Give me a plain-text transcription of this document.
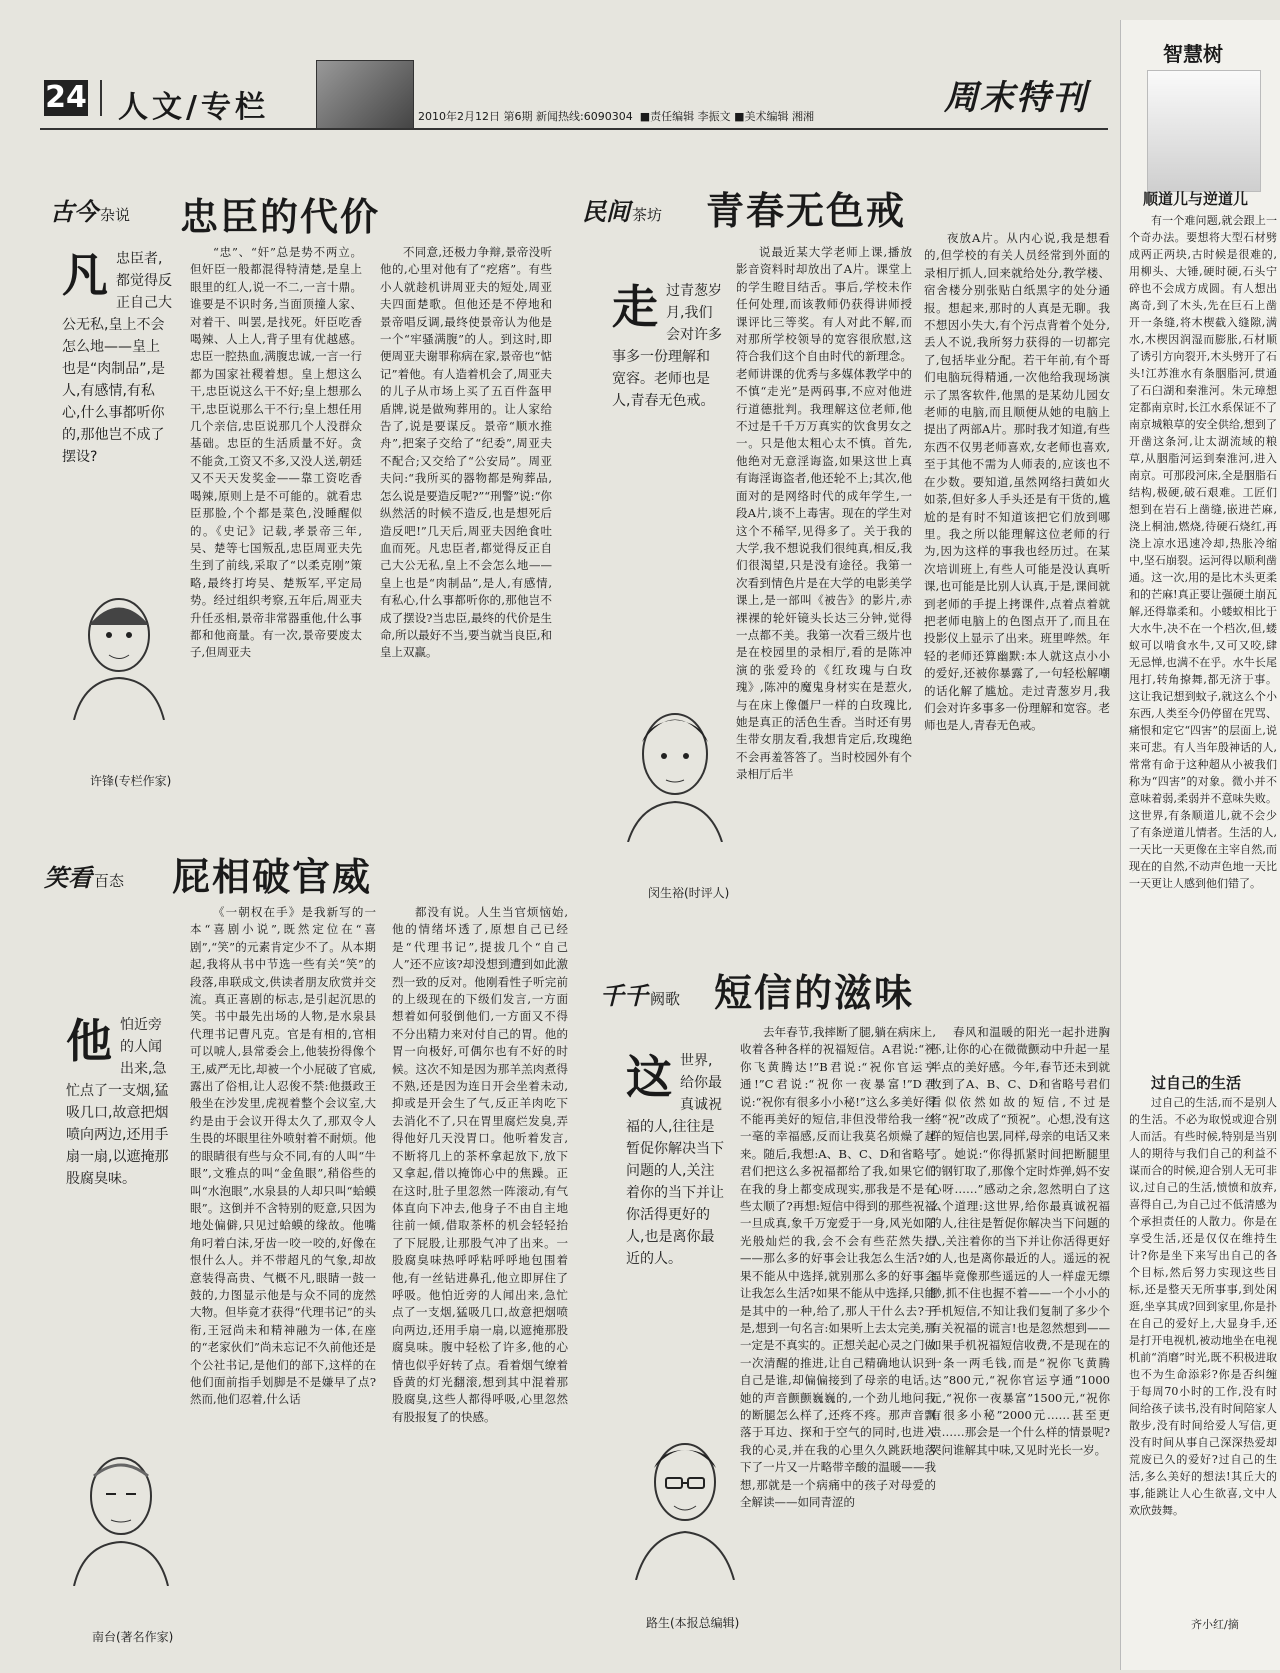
24 人文/专栏	2010年2月12日 第6期 新闻热线:6090304  ■责任编辑 李振文 ■美术编辑 湘湘	周末特刊
古今 杂说 忠臣的代价
凡忠臣者,都觉得反正自己大公无私,皇上不会怎么地——皇上也是“肉制品”,是人,有感情,有私心,什么事都听你的,那他岂不成了摆设?
许锋(专栏作家)

“忠”、“奸”总是势不两立。但奸臣一般都混得特清楚,是皇上眼里的红人,说一不二,一言十鼎。谁要是不识时务,当面顶撞人家、对着干、叫罢,是找死。奸臣吃香喝辣、人上人,背子里有优越感。忠臣一腔热血,满腹忠诚,一言一行都为国家社稷着想。皇上想这么干,忠臣说这么干不好;皇上想那么干,忠臣说那么干不行;皇上想任用几个亲信,忠臣说那几个人没群众基础。忠臣的生活质量不好。贪不能贪,工资又不多,又没人送,朝廷又不天天发奖金——靠工资吃香喝辣,原则上是不可能的。就看忠臣那脸,个个都是菜色,没睡醒似的。《史记》记载,孝景帝三年,吴、楚等七国叛乱,忠臣周亚夫先生到了前线,采取了“以柔克刚”策略,最终打垮吴、楚叛军,平定局势。经过组织考察,五年后,周亚夫升任丞相,景帝非常器重他,什么事都和他商量。有一次,景帝要废太子,但周亚夫

不同意,还极力争辩,景帝没听他的,心里对他有了“疙瘩”。有些小人就趁机讲周亚夫的短处,周亚夫四面楚歌。但他还是不停地和景帝唱反调,最终使景帝认为他是一个“牢骚满腹”的人。到这时,即便周亚夫谢罪称病在家,景帝也“惦记”着他。有人造着机会了,周亚夫的儿子从市场上买了五百件盔甲盾牌,说是做殉葬用的。让人家给告了,说是要谋反。景帝“顺水推舟”,把案子交给了“纪委”,周亚夫不配合;又交给了“公安局”。周亚夫问:“我所买的器物都是殉葬品,怎么说是要造反呢?”“刑警”说:“你纵然活的时候不造反,也是想死后造反吧!”几天后,周亚夫因绝食吐血而死。凡忠臣者,都觉得反正自己大公无私,皇上不会怎么地——皇上也是“肉制品”,是人,有感情,有私心,什么事都听你的,那他岂不成了摆设?当忠臣,最终的代价是生命,所以最好不当,要当就当良臣,和皇上双赢。

笑看 百态 屁相破官威
他怕近旁的人闻出来,急忙点了一支烟,猛吸几口,故意把烟喷向两边,还用手扇一扇,以遮掩那股腐臭味。
南台(著名作家)

《一朝权在手》是我新写的一本“喜剧小说”,既然定位在“喜剧”,“笑”的元素肯定少不了。从本期起,我将从书中节选一些有关“笑”的段落,串联成文,供读者朋友欣赏并交流。真正喜剧的标志,是引起沉思的笑。书中最先出场的人物,是水泉县代理书记曹凡克。官是有相的,官相可以唬人,县常委会上,他装扮得像个王,威严无比,却被一个小屁破了官威,露出了俗相,让人忍俊不禁:他摄政王般坐在沙发里,虎视着整个会议室,大约是由于会议开得太久了,那双令人生畏的坏眼里往外喷射着不耐烦。他的眼睛很有些与众不同,有的人叫“牛眼”,文雅点的叫“金鱼眼”,稍俗些的叫“水泡眼”,水泉县的人却只叫“蛤蟆眼”。这倒并不含特别的贬意,只因为地处偏僻,只见过蛤蟆的缘故。他嘴角叼着白沫,牙齿一咬一咬的,好像在恨什么人。并不带超凡的气象,却故意装得高贵、气概不凡,眼睛一鼓一鼓的,力图显示他是与众不同的庞然大物。但毕竟才获得“代理书记”的头衔,王冠尚未和精神融为一体,在座的“老家伙们”尚未忘记不久前他还是个公社书记,是他们的部下,这样的在他们面前指手划脚是不是嫌早了点?然而,他们忍着,什么话

都没有说。人生当官烦恼始,他的情绪坏透了,原想自己已经是“代理书记”,提拔几个“自己人”还不应该?却没想到遭到如此激烈一致的反对。他刚看性子听完前的上级现在的下级们发言,一方面想着如何驳倒他们,一方面又不得不分出精力来对付自己的胃。他的胃一向极好,可偶尔也有不好的时候。这次不知是因为那羊羔肉煮得不熟,还是因为连日开会坐着未动,抑或是开会生了气,反正羊肉吃下去消化不了,只在胃里腐烂发臭,弄得他好几天没胃口。他听着发言,不断将几上的茶杯拿起放下,放下又拿起,借以掩饰心中的焦躁。正在这时,肚子里忽然一阵滚动,有气体直向下冲去,他身子不由自主地往前一倾,借取茶杯的机会轻轻抬了下屁股,让那股气冲了出来。一股腐臭味热呼呼粘呼呼地包围着他,有一丝钻进鼻孔,他立即屏住了呼吸。他怕近旁的人闻出来,急忙点了一支烟,猛吸几口,故意把烟喷向两边,还用手扇一扇,以遮掩那股腐臭味。腹中轻松了许多,他的心情也似乎好转了点。看着烟气缭着昏黄的灯光翻滚,想到其中混着那股腐臭,这些人都得呼吸,心里忽然有股报复了的快感。

民间 茶坊 青春无色戒
走过青葱岁月,我们会对许多事多一份理解和宽容。老师也是人,青春无色戒。
闵生裕(时评人)

说最近某大学老师上课,播放影音资料时却放出了A片。课堂上的学生瞪目结舌。事后,学校未作任何处理,而该教师仍获得讲师授课评比三等奖。有人对此不解,而对那所学校领导的宽容很欣慰,这符合我们这个自由时代的新理念。老师讲课的优秀与多媒体教学中的不慎“走光”是两码事,不应对他进行道德批判。我理解这位老师,他不过是千千万万真实的饮食男女之一。只是他太粗心太不慎。首先,他绝对无意淫诲盗,如果这世上真有诲淫诲盗者,他还轮不上;其次,他面对的是网络时代的成年学生,一段A片,谈不上毒害。现在的学生对这个不稀罕,见得多了。关于我的大学,我不想说我们很纯真,相反,我们很渴望,只是没有途径。我第一次看到情色片是在大学的电影美学课上,是一部叫《被告》的影片,赤裸裸的轮奸镜头长达三分钟,觉得一点都不美。我第一次看三级片也是在校园里的录相厅,看的是陈冲演的张爱玲的《红玫瑰与白玫瑰》,陈冲的魔鬼身材实在是惹火,与在床上像僵尸一样的白玫瑰比,她是真正的活色生香。当时还有男生带女朋友看,我想肯定后,玫瑰绝不会再羞答答了。当时校园外有个录相厅后半

夜放A片。从内心说,我是想看的,但学校的有关人员经常到外面的录相厅抓人,回来就给处分,教学楼、宿舍楼分别张贴白纸黑字的处分通报。想起来,那时的人真是无聊。我不想因小失大,有个污点背着个处分,丢人不说,我所努力获得的一切都完了,包括毕业分配。若干年前,有个哥们电脑玩得精通,一次他给我现场演示了黑客软件,他黑的是某幼儿园女老师的电脑,而且顺便从她的电脑上提出了两部A片。那时我才知道,有些东西不仅男老师喜欢,女老师也喜欢,至于其他不需为人师表的,应该也不在少数。要知道,虽然网络扫黄如火如荼,但好多人手头还是有干货的,尴尬的是有时不知道该把它们放到哪里。我之所以能理解这位老师的行为,因为这样的事我也经历过。在某次培训班上,有些人可能是没认真听课,也可能是比别人认真,于是,课间就到老师的手提上拷课件,点着点着就把老师电脑上的色图点开了,而且在投影仪上显示了出来。班里哗然。年轻的老师还算幽默:本人就这点小小的爱好,还被你暴露了,一句轻松解嘲的话化解了尴尬。走过青葱岁月,我们会对许多事多一份理解和宽容。老师也是人,青春无色戒。

千千 阙歌 短信的滋味
这世界,给你最真诚祝福的人,往往是暂促你解决当下问题的人,关注着你的当下并让你活得更好的人,也是离你最近的人。
路生(本报总编辑)

去年春节,我摔断了腿,躺在病床上,收着各种各样的祝福短信。A君说:“祝你飞黄腾达!”B君说:“祝你官运亨通!”C君说:“祝你一夜暴富!”D君说:“祝你有很多小小秘!”这么多美好得不能再美好的短信,非但没带给我一丝一毫的幸福感,反而让我莫名烦燥了起来。随后,我想:A、B、C、D和省略号君们把这么多祝福都给了我,如果它们在我的身上都变成现实,那我是不是有些太顺了?再想:短信中得到的那些祝福一旦成真,象千万宠爱于一身,风光如阳光般灿烂的我,会不会有些茫然失措——那么多的好事会让我怎么生活?如果不能从中选择,就别那么多的好事会让我怎么生活?如果不能从中选择,只能是其中的一种,给了,那人干什么去?于是,想到一句名言:如果听上去太完美,那一定是不真实的。正想关起心灵之门做一次清醒的推进,让自己精确地认识到自己是谁,却偏偏接到了母亲的电话。她的声音颤颤巍巍的,一个劲儿地问我的断腿怎么样了,还疼不疼。那声音飘落于耳边、探和于空气的同时,也进入我的心灵,并在我的心里久久跳跃地落下了一片又一片略带辛酸的温暖——我想,那就是一个病痛中的孩子对母爱的全解读——如同青涩的

春风和温暖的阳光一起扑进胸怀,让你的心在微微颤动中升起一星半点的美好感。今年,春节还未到就收到了A、B、C、D和省略号君们看似依然如故的短信,不过是将“祝”改成了“预祝”。心想,没有这样的短信也罢,同样,母亲的电话又来了。她说:“你得抓紧时间把断腿里的钢钉取了,那像个定时炸弹,妈不安心呀……”感动之余,忽然明白了这么个道理:这世界,给你最真诚祝福的人,往往是暂促你解决当下问题的人,关注着你的当下并让你活得更好的人,也是离你最近的人。遥远的祝福毕竟像那些遥远的人一样虚无缥缈,抓不住也握不着——一个小小的手机短信,不知让我们复制了多少个有关祝福的谎言!也是忽然想到——如果手机祝福短信收费,不是现在的一条一两毛钱,而是“祝你飞黄腾达”800元,“祝你官运亨通”1000元,“祝你一夜暴富”1500元,“祝你有很多小秘”2000元……甚至更贵……那会是一个什么样的情景呢?哭问谁解其中味,又见时光长一岁。

智慧树
顺道儿与逆道儿

有一个难问题,就会跟上一个奇办法。要想将大型石材劈成两正两块,古时候是很难的,用柳头、大锤,硬时硬,石头宁碎也不会成方成圆。有人想出离奇,到了木头,先在巨石上凿开一条缝,将木楔截入缝隙,满水,木楔因润湿而膨胀,石材顺了诱引方向裂开,木头劈开了石头!江苏淮水有条胭脂河,贯通了石臼湖和秦淮河。朱元璋想定都南京时,长江水系保证不了南京城粮草的安全供给,想到了开凿这条河,让太湖流域的粮草,从胭脂河运到秦淮河,进入南京。可那段河床,全是胭脂石结构,极硬,破石艰难。工匠们想到在岩石上凿缝,嵌进芒麻,浇上桐油,燃烧,待硬石烧红,再浇上凉水迅速冷却,热胀冷缩中,坚石崩裂。运河得以顺利凿通。这一次,用的是比木头更柔和的芒麻!真正要让强硬土崩瓦解,还得靠柔和。小蝼蚁相比于大水牛,决不在一个档次,但,蝼蚁可以啃食水牛,又可又咬,肆无忌惮,也满不在乎。水牛长尾甩打,转角撩舞,都无济于事。这让我记想到蚊子,就这么个小东西,人类至今仍停留在咒骂、痛恨和定它“四害”的层面上,说来可悲。有人当年殷神话的人,常常有命于这种超从小被我们称为“四害”的对象。微小并不意味着弱,柔弱并不意味失败。这世界,有条顺道儿,就不会少了有条逆道儿情者。生活的人,一天比一天更像在主宰自然,而现在的自然,不动声色地一天比一天更让人感到他们错了。

过自己的生活

过自己的生活,而不是别人的生活。不必为取悦或迎合别人而活。有些时候,特别是当别人的期待与我们自己的利益不谋而合的时候,迎合别人无可非议,过自己的生活,愤愤和放弃,喜得自己,为自己过不低清感为个承担责任的人散力。你是在享受生活,还是仅仅在维持生计?你是坐下来写出自己的各个目标,然后努力实现这些目标,还是整天无所事事,到处闲逛,坐享其成?回到家里,你是扑在自己的爱好上,大显身手,还是打开电视机,被动地坐在电视机前“消磨”时光,既不积极进取也不为生命添彩?你是否纠缠于每周70小时的工作,没有时间给孩子读书,没有时间陪家人散步,没有时间给爱人写信,更没有时间从事自己深深热爱却荒废已久的爱好?过自己的生活,多么美好的想法!其丘大的事,能跳让人心生欲喜,文中人欢欣鼓舞。

齐小红/摘
